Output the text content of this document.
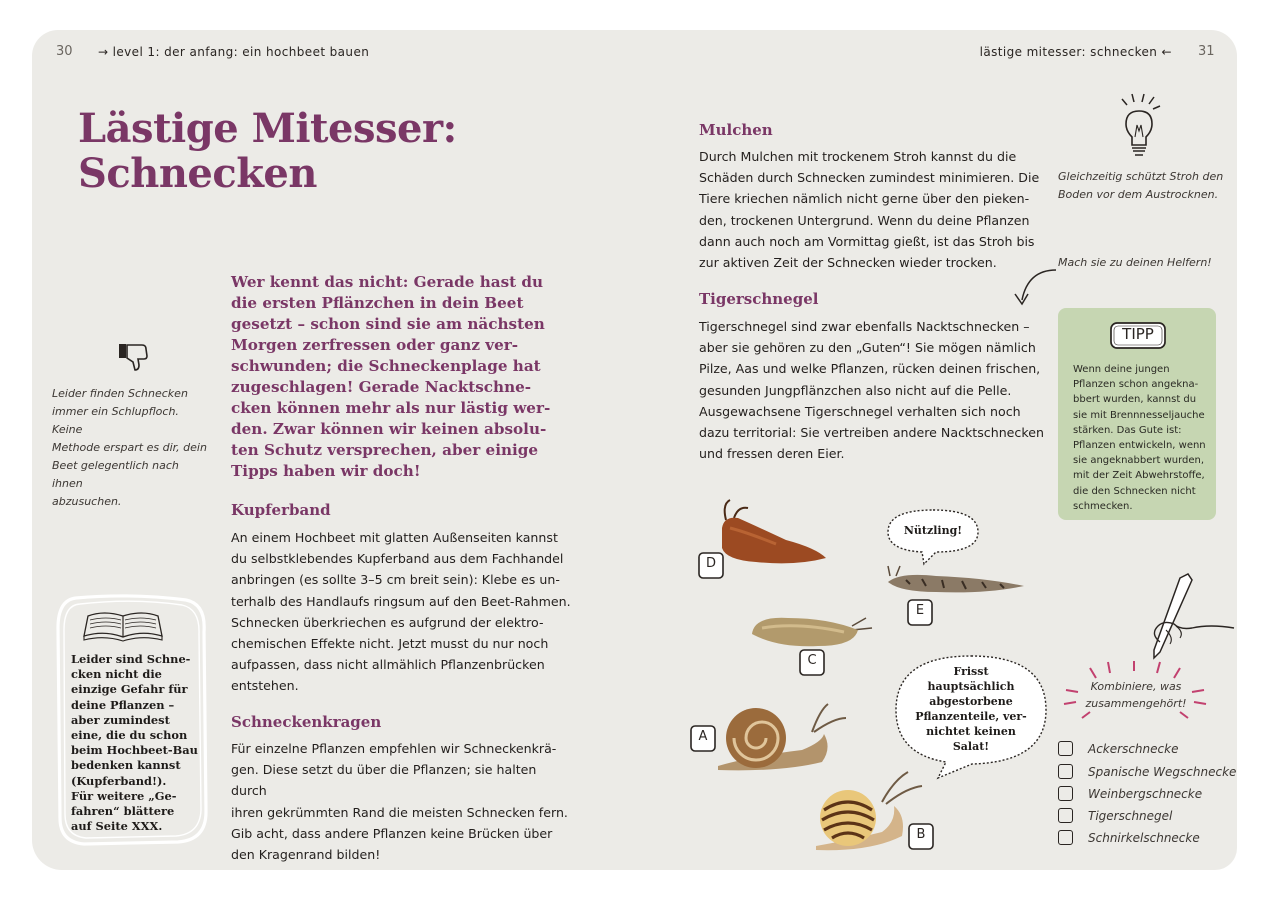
30 → level 1: der anfang: ein hochbeet bauen	lästige mitesser: schnecken ← 31
Lästige Mitesser:
Schnecken
Wer kennt das nicht: Gerade hast du
die ersten Pflänzchen in dein Beet
gesetzt – schon sind sie am nächsten
Morgen zerfressen oder ganz ver-
schwunden; die Schneckenplage hat
zugeschlagen! Gerade Nacktschne-
cken können mehr als nur lästig wer-
den. Zwar können wir keinen absolu-
ten Schutz versprechen, aber einige
Tipps haben wir doch!
Kupferband
An einem Hochbeet mit glatten Außenseiten kannst
du selbstklebendes Kupferband aus dem Fachhandel
anbringen (es sollte 3–5 cm breit sein): Klebe es un-
terhalb des Handlaufs ringsum auf den Beet-Rahmen.
Schnecken überkriechen es aufgrund der elektro-
chemischen Effekte nicht. Jetzt musst du nur noch
aufpassen, dass nicht allmählich Pflanzenbrücken
entstehen.
Schneckenkragen
Für einzelne Pflanzen empfehlen wir Schneckenkrä-
gen. Diese setzt du über die Pflanzen; sie halten durch
ihren gekrümmten Rand die meisten Schnecken fern.
Gib acht, dass andere Pflanzen keine Brücken über
den Kragenrand bilden!
Leider finden Schnecken
immer ein Schlupfloch. Keine
Methode erspart es dir, dein
Beet gelegentlich nach ihnen
abzusuchen.
Leider sind Schne-
cken nicht die
einzige Gefahr für
deine Pflanzen –
aber zumindest
eine, die du schon
beim Hochbeet-Bau
bedenken kannst
(Kupferband!).
Für weitere „Ge-
fahren“ blättere
auf Seite XXX.
Mulchen
Durch Mulchen mit trockenem Stroh kannst du die
Schäden durch Schnecken zumindest minimieren. Die
Tiere kriechen nämlich nicht gerne über den pieken-
den, trockenen Untergrund. Wenn du deine Pflanzen
dann auch noch am Vormittag gießt, ist das Stroh bis
zur aktiven Zeit der Schnecken wieder trocken.
Tigerschnegel
Tigerschnegel sind zwar ebenfalls Nacktschnecken –
aber sie gehören zu den „Guten“! Sie mögen nämlich
Pilze, Aas und welke Pflanzen, rücken deinen frischen,
gesunden Jungpflänzchen also nicht auf die Pelle.
Ausgewachsene Tigerschnegel verhalten sich noch
dazu territorial: Sie vertreiben andere Nacktschnecken
und fressen deren Eier.
Gleichzeitig schützt Stroh den
Boden vor dem Austrocknen.
Mach sie zu deinen Helfern!
TIPP
Wenn deine jungen
Pflanzen schon angekna-
bbert wurden, kannst du
sie mit Brennnesseljauche
stärken. Das Gute ist:
Pflanzen entwickeln, wenn
sie angeknabbert wurden,
mit der Zeit Abwehrstoffe,
die den Schnecken nicht
schmecken.
D
E
C
A
B
Nützling!
Frisst
hauptsächlich
abgestorbene
Pflanzenteile, ver-
nichtet keinen
Salat!
Kombiniere, was
zusammengehört!
Ackerschnecke
Spanische Wegschnecke
Weinbergschnecke
Tigerschnegel
Schnirkelschnecke
